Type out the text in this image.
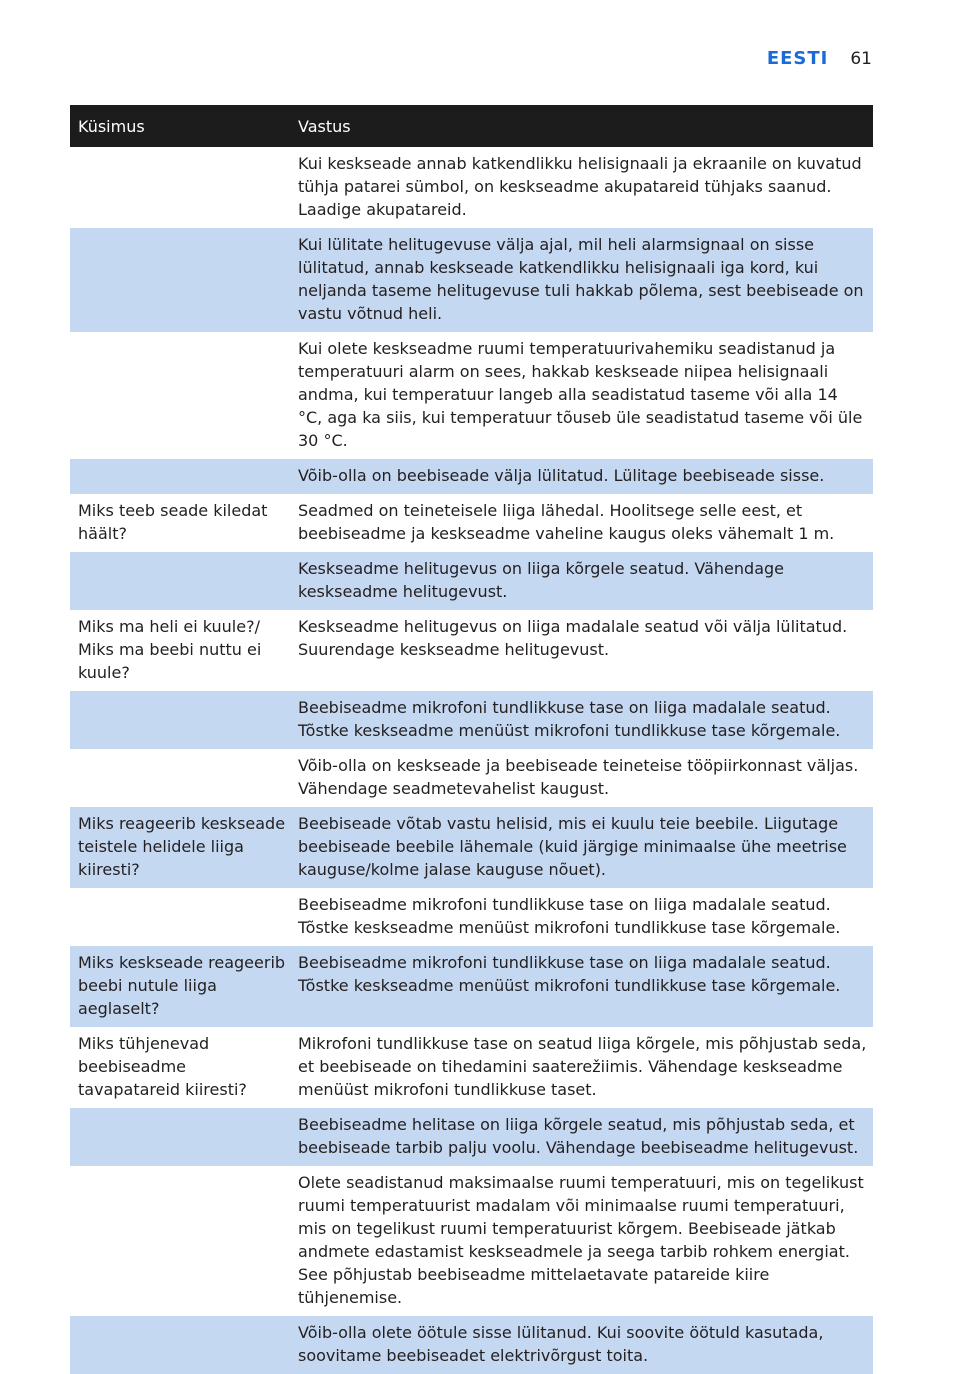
EESTI 61
Küsimus	Vastus
Kui keskseade annab katkendlikku helisignaali ja ekraanile on kuvatud tühja patarei sümbol, on keskseadme akupatareid tühjaks saanud. Laadige akupatareid.
Kui lülitate helitugevuse välja ajal, mil heli alarmsignaal on sisse lülitatud, annab keskseade katkendlikku helisignaali iga kord, kui neljanda taseme helitugevuse tuli hakkab põlema, sest beebiseade on vastu võtnud heli.
Kui olete keskseadme ruumi temperatuurivahemiku seadistanud ja temperatuuri alarm on sees, hakkab keskseade niipea helisignaali andma, kui temperatuur langeb alla seadistatud taseme või alla 14 °C, aga ka siis, kui temperatuur tõuseb üle seadistatud taseme või üle 30 °C.
Võib-olla on beebiseade välja lülitatud. Lülitage beebiseade sisse.
Miks teeb seade kiledat häält?
Seadmed on teineteisele liiga lähedal. Hoolitsege selle eest, et beebiseadme ja keskseadme vaheline kaugus oleks vähemalt 1 m.
Keskseadme helitugevus on liiga kõrgele seatud. Vähendage keskseadme helitugevust.
Miks ma heli ei kuule?/ Miks ma beebi nuttu ei kuule?
Keskseadme helitugevus on liiga madalale seatud või välja lülitatud. Suurendage keskseadme helitugevust.
Beebiseadme mikrofoni tundlikkuse tase on liiga madalale seatud. Tõstke keskseadme menüüst mikrofoni tundlikkuse tase kõrgemale.
Võib-olla on keskseade ja beebiseade teineteise tööpiirkonnast väljas. Vähendage seadmetevahelist kaugust.
Miks reageerib keskseade teistele helidele liiga kiiresti?
Beebiseade võtab vastu helisid, mis ei kuulu teie beebile. Liigutage beebiseade beebile lähemale (kuid järgige minimaalse ühe meetrise kauguse/kolme jalase kauguse nõuet).
Beebiseadme mikrofoni tundlikkuse tase on liiga madalale seatud. Tõstke keskseadme menüüst mikrofoni tundlikkuse tase kõrgemale.
Miks keskseade reageerib beebi nutule liiga aeglaselt?
Beebiseadme mikrofoni tundlikkuse tase on liiga madalale seatud. Tõstke keskseadme menüüst mikrofoni tundlikkuse tase kõrgemale.
Miks tühjenevad beebiseadme tavapatareid kiiresti?
Mikrofoni tundlikkuse tase on seatud liiga kõrgele, mis põhjustab seda, et beebiseade on tihedamini saaterežiimis. Vähendage keskseadme menüüst mikrofoni tundlikkuse taset.
Beebiseadme helitase on liiga kõrgele seatud, mis põhjustab seda, et beebiseade tarbib palju voolu. Vähendage beebiseadme helitugevust.
Olete seadistanud maksimaalse ruumi temperatuuri, mis on tegelikust ruumi temperatuurist madalam või minimaalse ruumi temperatuuri, mis on tegelikust ruumi temperatuurist kõrgem. Beebiseade jätkab andmete edastamist keskseadmele ja seega tarbib rohkem energiat. See põhjustab beebiseadme mittelaetavate patareide kiire tühjenemise.
Võib-olla olete öötule sisse lülitanud. Kui soovite öötuld kasutada, soovitame beebiseadet elektrivõrgust toita.
